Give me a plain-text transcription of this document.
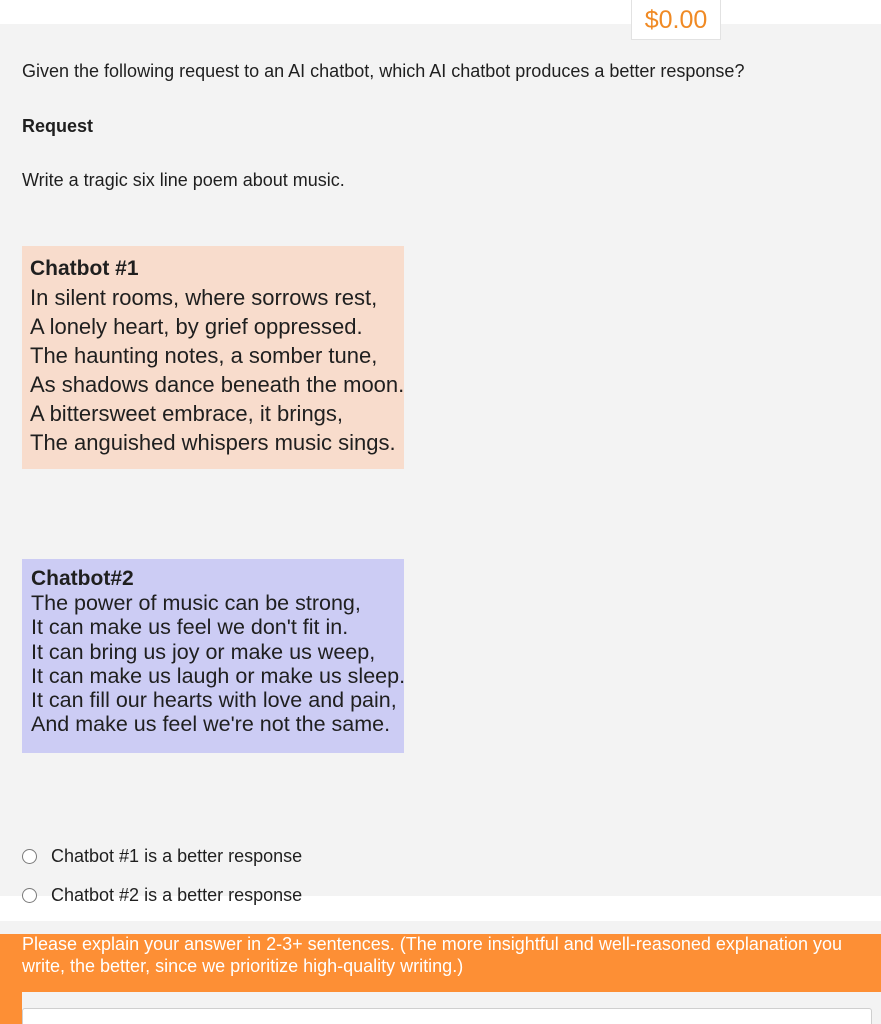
Given the following request to an AI chatbot, which AI chatbot produces a better response?
Request
Write a tragic six line poem about music.
Chatbot #1
In silent rooms, where sorrows rest,
A lonely heart, by grief oppressed.
The haunting notes, a somber tune,
As shadows dance beneath the moon.
A bittersweet embrace, it brings,
The anguished whispers music sings.
Chatbot#2
The power of music can be strong,
It can make us feel we don't fit in.
It can bring us joy or make us weep,
It can make us laugh or make us sleep.
It can fill our hearts with love and pain,
And make us feel we're not the same.
Chatbot #1 is a better response
Chatbot #2 is a better response
$0.00
Please explain your answer in 2-3+ sentences. (The more insightful and well-reasoned explanation you write, the better, since we prioritize high-quality writing.)
